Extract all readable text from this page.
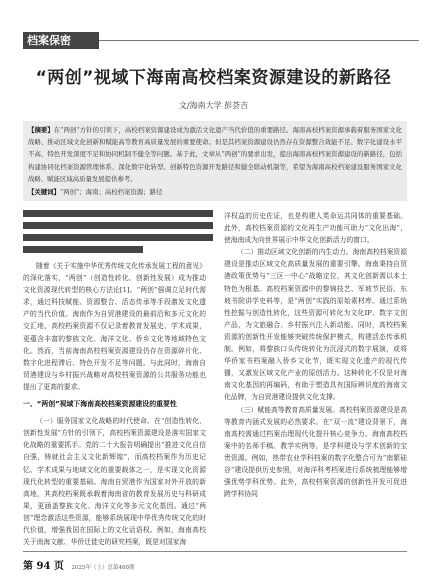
档案保密
“两创”视域下海南高校档案资源建设的新路径
文/海南大学 彭荟吉
【摘要】在“两创”方针的引领下，高校档案资源建设成为激活文化遗产当代价值的重要路径。海南高校档案资源承载着服务国家文化战略、推动区域文化创新和赋能高等教育高质量发展的重要使命。但是其档案资源建设仍然存在资源整合效能不足、数字化建设水平不高、特色开发深度不足和协同机制不健全等问题。基于此，文章从“两创”的要求出发，提出海南高校档案资源建设的新路径，包括构建协同化档案资源管理体系、深化数字化转型、创新特色资源开发路径和健全联动机制等，希望为海南高校档案建设服务国家文化战略、赋能区域高质量发展提供参考。
【关键词】“两创”；海南；高校档案资源；路径

随着《关于实施中华优秀传统文化传承发展工程的意见》的深化落实，“两创”（创造性转化、创新性发展）成为推动文化资源现代转型的核心方法论[1]。“两创”强调立足时代需求，通过科技赋能、资源整合、活态传承等手段激发文化遗产的当代价值。海南作为自贸港建设的最前沿和多元文化的交汇地，高校档案资源不仅记录着教育发展史、学术成果，更蕴含丰富的黎族文化、海洋文化、侨乡文化等地域特色文化。然而，当前海南高校档案资源建设仍存在资源碎片化、数字化进程滞后、特色开发不足等问题。与此同时，海南自贸港建设与乡村振兴战略对高校档案资源的公共服务功能也提出了更高的要求。

一、“两创”视域下海南高校档案资源建设的重要性

（一）服务国家文化战略的时代使命。在“创造性转化、创新性发展”方针的引领下，高校档案资源建设是落实国家文化战略的重要抓手。党的二十大报告明确提出“推进文化自信自强，铸就社会主义文化新辉煌”，而高校档案作为历史记忆、学术成果与地域文化的重要载体之一，是实现文化资源现代化转型的重要基础。海南自贸港作为国家对外开放的新高地，其高校档案既承载着海南省的教育发展历史与科研成果，更涵盖黎族文化、海洋文化等多元文化基因。通过“两创”理念激活这些资源，能够系统展现中华优秀传统文化的时代价值，增强我国在国际上的文化话语权。例如，海南高校关于南海文献、华侨迁徙史的研究档案，既是对国家海

洋权益的历史佐证，也是构建人类命运共同体的重要基础。此外，高校档案资源的文化再生产功能可助力“文化出海”，使海南成为向世界展示中华文化创新活力的窗口。

（二）推动区域文化创新的内生动力。海南高校档案资源建设是推动区域文化高质量发展的重要引擎。海南秉持自贸港政策优势与“三区一中心”战略定位，其文化创新需以本土特色为根基。高校档案资源中的黎锦技艺、军坡节民俗、东坡书院讲学史料等，是“两创”实践的原始素材库。通过系统性挖掘与创造性转化，这些资源可转化为文化IP、数字文创产品，为文旅融合、乡村振兴注入新动能。同时，高校档案资源的创新性开发能够突破传统保护模式，构建活态传承机制。例如，将黎族口头传统转化为沉浸式的数字展演，或将华侨家书档案融入侨乡文化节，既实现文化遗产的现代传播，又激发区域文化产业的原创活力。这种转化不仅是对海南文化基因的再编码，有助于塑造具有国际辨识度的海南文化品牌，为自贸港建设提供文化支撑。

（三）赋能高等教育高质量发展。高校档案资源建设是高等教育内涵式发展的必然要求。在“双一流”建设背景下，海南高校需通过档案治理现代化提升核心竞争力。海南高校档案中的名师手稿、教学实例等，是学科建设与学术创新的宝贵资源。例如，热带农业学科档案的数字化整合可为“南繁硅谷”建设提供历史参照，对海洋科考档案进行系统梳理能够增强优势学科优势。此外，高校档案资源的创新性开发可促进跨学科协同

第 94 页 2025年（上）总第460期
